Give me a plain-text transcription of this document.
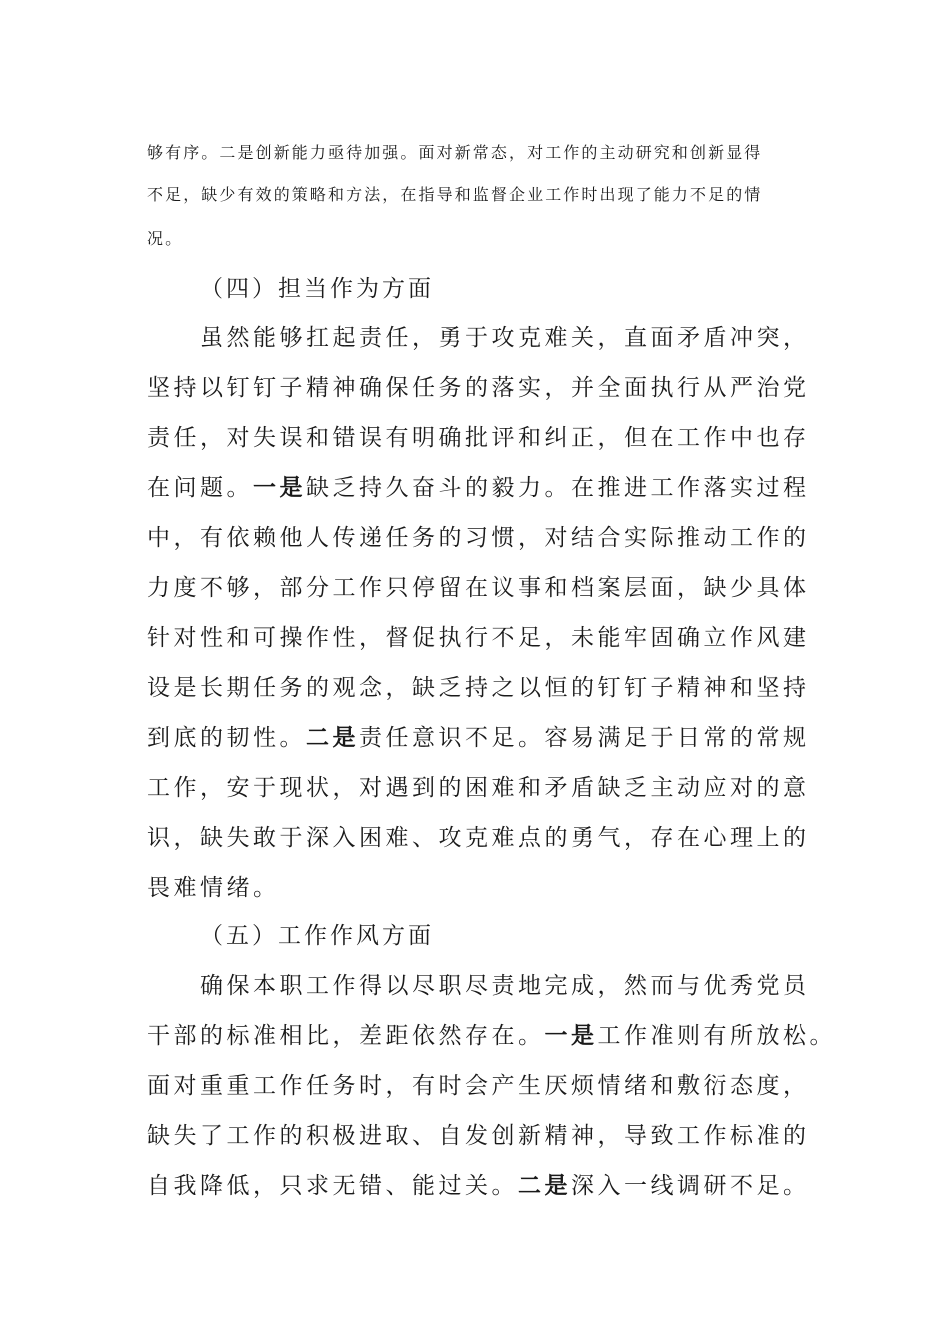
够有序。二是创新能力亟待加强。面对新常态，对工作的主动研究和创新显得

不足，缺少有效的策略和方法，在指导和监督企业工作时出现了能力不足的情

况。

（四）担当作为方面

虽然能够扛起责任，勇于攻克难关，直面矛盾冲突，

坚持以钉钉子精神确保任务的落实，并全面执行从严治党

责任，对失误和错误有明确批评和纠正，但在工作中也存

在问题。一是缺乏持久奋斗的毅力。在推进工作落实过程

中，有依赖他人传递任务的习惯，对结合实际推动工作的

力度不够，部分工作只停留在议事和档案层面，缺少具体

针对性和可操作性，督促执行不足，未能牢固确立作风建

设是长期任务的观念，缺乏持之以恒的钉钉子精神和坚持

到底的韧性。二是责任意识不足。容易满足于日常的常规

工作，安于现状，对遇到的困难和矛盾缺乏主动应对的意

识，缺失敢于深入困难、攻克难点的勇气，存在心理上的

畏难情绪。

（五）工作作风方面

确保本职工作得以尽职尽责地完成，然而与优秀党员

干部的标准相比，差距依然存在。一是工作准则有所放松。

面对重重工作任务时，有时会产生厌烦情绪和敷衍态度，

缺失了工作的积极进取、自发创新精神，导致工作标准的

自我降低，只求无错、能过关。二是深入一线调研不足。
